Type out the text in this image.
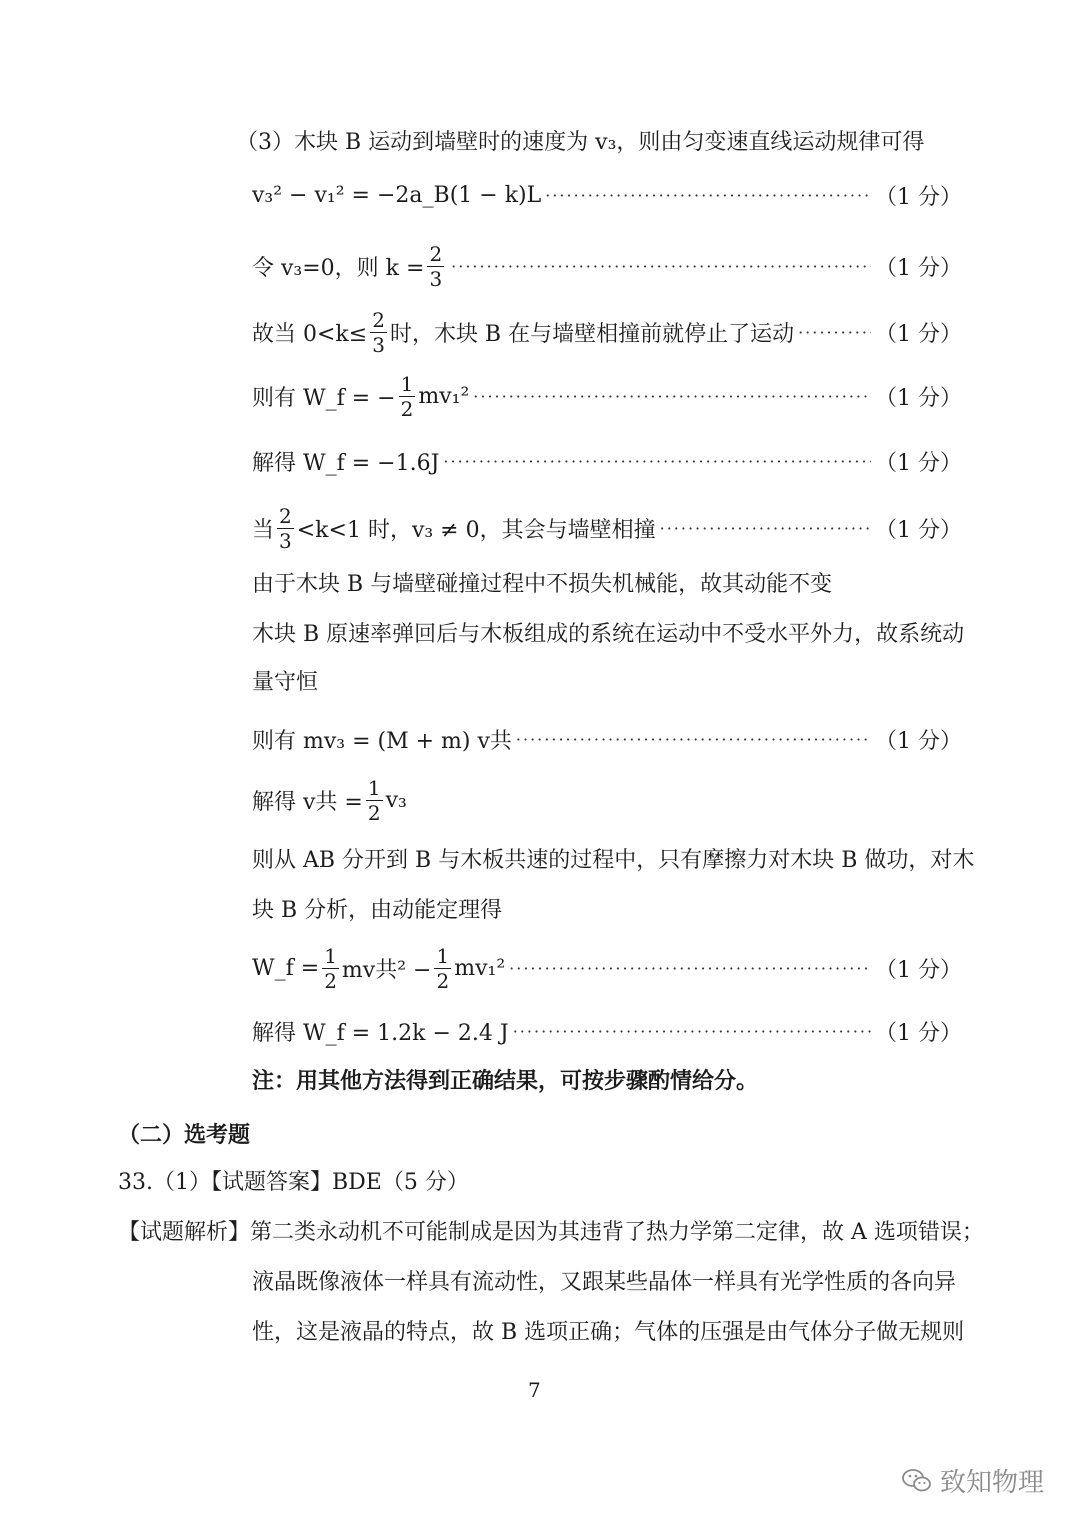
（3）木块 B 运动到墙壁时的速度为 v₃，则由匀变速直线运动规律可得
v₃² − v₁² = −2a_B(1 − k)L ·····	（1 分）
令 v₃=0，则 $k = \frac{2}{3}$ ·····	（1 分）
故当 $0<k\le \frac{2}{3}$ 时，木块 B 在与墙壁相撞前就停止了运动 ·····	（1 分）
则有 W_f = − $\frac{1}{2} mv_1^2$ ·····	（1 分）
解得 W_f = −1.6J ·····	（1 分）
当 $\frac{2}{3} <k<1$ 时，v₃ ≠ 0，其会与墙壁相撞 ·····	（1 分）
由于木块 B 与墙壁碰撞过程中不损失机械能，故其动能不变
木块 B 原速率弹回后与木板组成的系统在运动中不受水平外力，故系统动
量守恒
则有 mv₃ = (M + m) v共 ·····	（1 分）
解得 v共 = $\frac{1}{2} v_3$
则从 AB 分开到 B 与木板共速的过程中，只有摩擦力对木块 B 做功，对木
块 B 分析，由动能定理得
W_f = $\frac{1}{2}$ mv共$^2 - \frac{1}{2} mv_1^2$ ·····	（1 分）
解得 W_f = 1.2k − 2.4 J ·····	（1 分）
注：用其他方法得到正确结果，可按步骤酌情给分。
（二）选考题
33.（1）【试题答案】BDE（5 分）
【试题解析】第二类永动机不可能制成是因为其违背了热力学第二定律，故 A 选项错误；
液晶既像液体一样具有流动性，又跟某些晶体一样具有光学性质的各向异
性，这是液晶的特点，故 B 选项正确；气体的压强是由气体分子做无规则
7
致知物理
